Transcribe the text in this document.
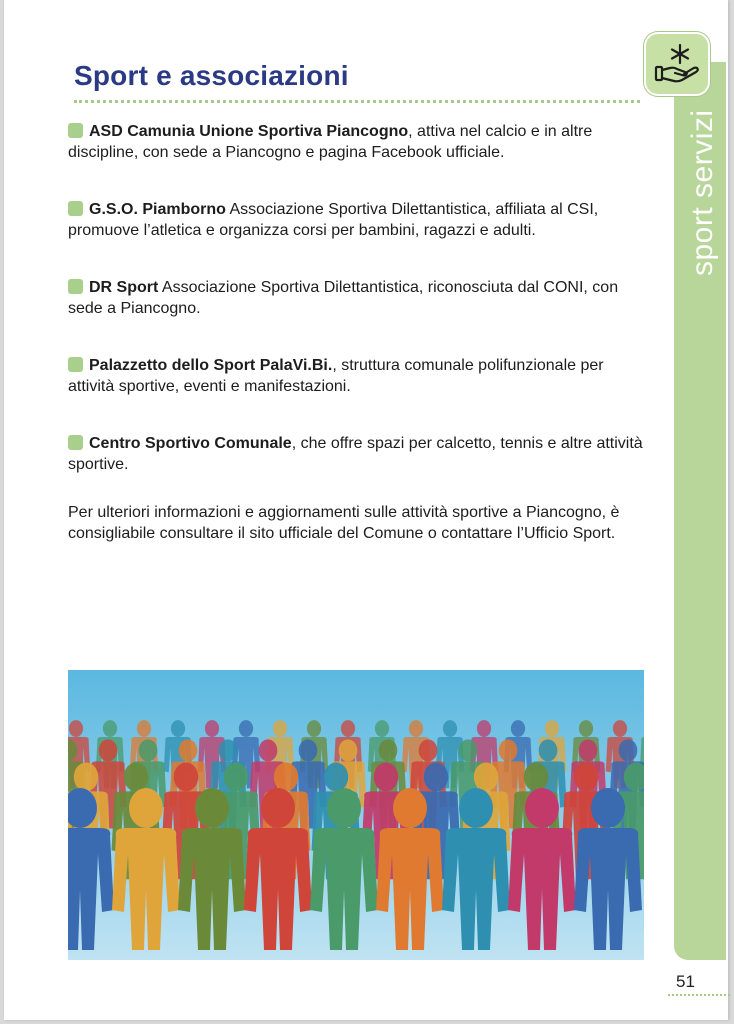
Sport e associazioni
sport servizi
ASD Camunia Unione Sportiva Piancogno, attiva nel calcio e in altre discipline, con sede a Piancogno e pagina Facebook ufficiale.
G.S.O. Piamborno Associazione Sportiva Dilettantistica, affiliata al CSI, promuove l’atletica e organizza corsi per bambini, ragazzi e adulti.
DR Sport Associazione Sportiva Dilettantistica, riconosciuta dal CONI, con sede a Piancogno.
Palazzetto dello Sport PalaVi.Bi., struttura comunale polifunzionale per attività sportive, eventi e manifestazioni.
Centro Sportivo Comunale, che offre spazi per calcetto, tennis e altre attività sportive.

Per ulteriori informazioni e aggiornamenti sulle attività sportive a Piancogno, è consigliabile consultare il sito ufficiale del Comune o contattare l’Ufficio Sport.

51
